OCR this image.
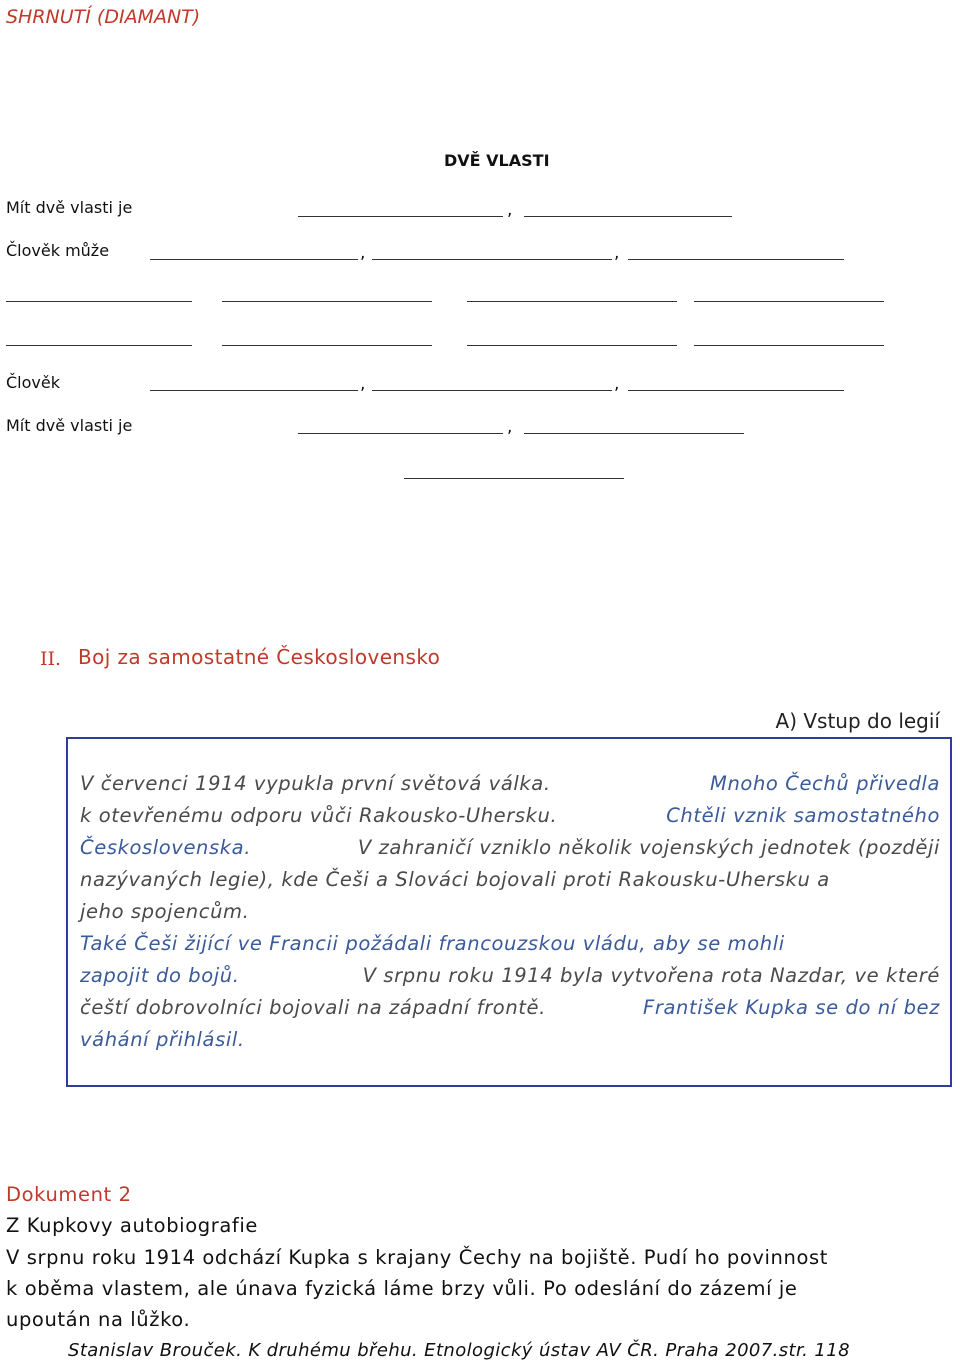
SHRNUTÍ (DIAMANT)
DVĚ VLASTI
Mít dvě vlasti je	,
Člověk může	,	,
Člověk	,	,
Mít dvě vlasti je	,
II. Boj za samostatné Československo
A) Vstup do legií
V červenci 1914 vypukla první světová válka.	Mnoho Čechů přivedla
k otevřenému odporu vůči Rakousko-Uhersku.	Chtěli vznik samostatného
Československa.	V zahraničí vzniklo několik vojenských jednotek (později
nazývaných legie), kde Češi a Slováci bojovali proti Rakousku-Uhersku a
jeho spojencům.
Také Češi žijící ve Francii požádali francouzskou vládu, aby se mohli
zapojit do bojů.	V srpnu roku 1914 byla vytvořena rota Nazdar, ve které
čeští dobrovolníci bojovali na západní frontě.	František Kupka se do ní bez
váhání přihlásil.
Dokument 2
Z Kupkovy autobiografie
V srpnu roku 1914 odchází Kupka s krajany Čechy na bojiště. Pudí ho povinnost
k oběma vlastem, ale únava fyzická láme brzy vůli. Po odeslání do zázemí je
upoután na lůžko.
Stanislav Brouček. K druhému břehu. Etnologický ústav AV ČR. Praha 2007.str. 118
